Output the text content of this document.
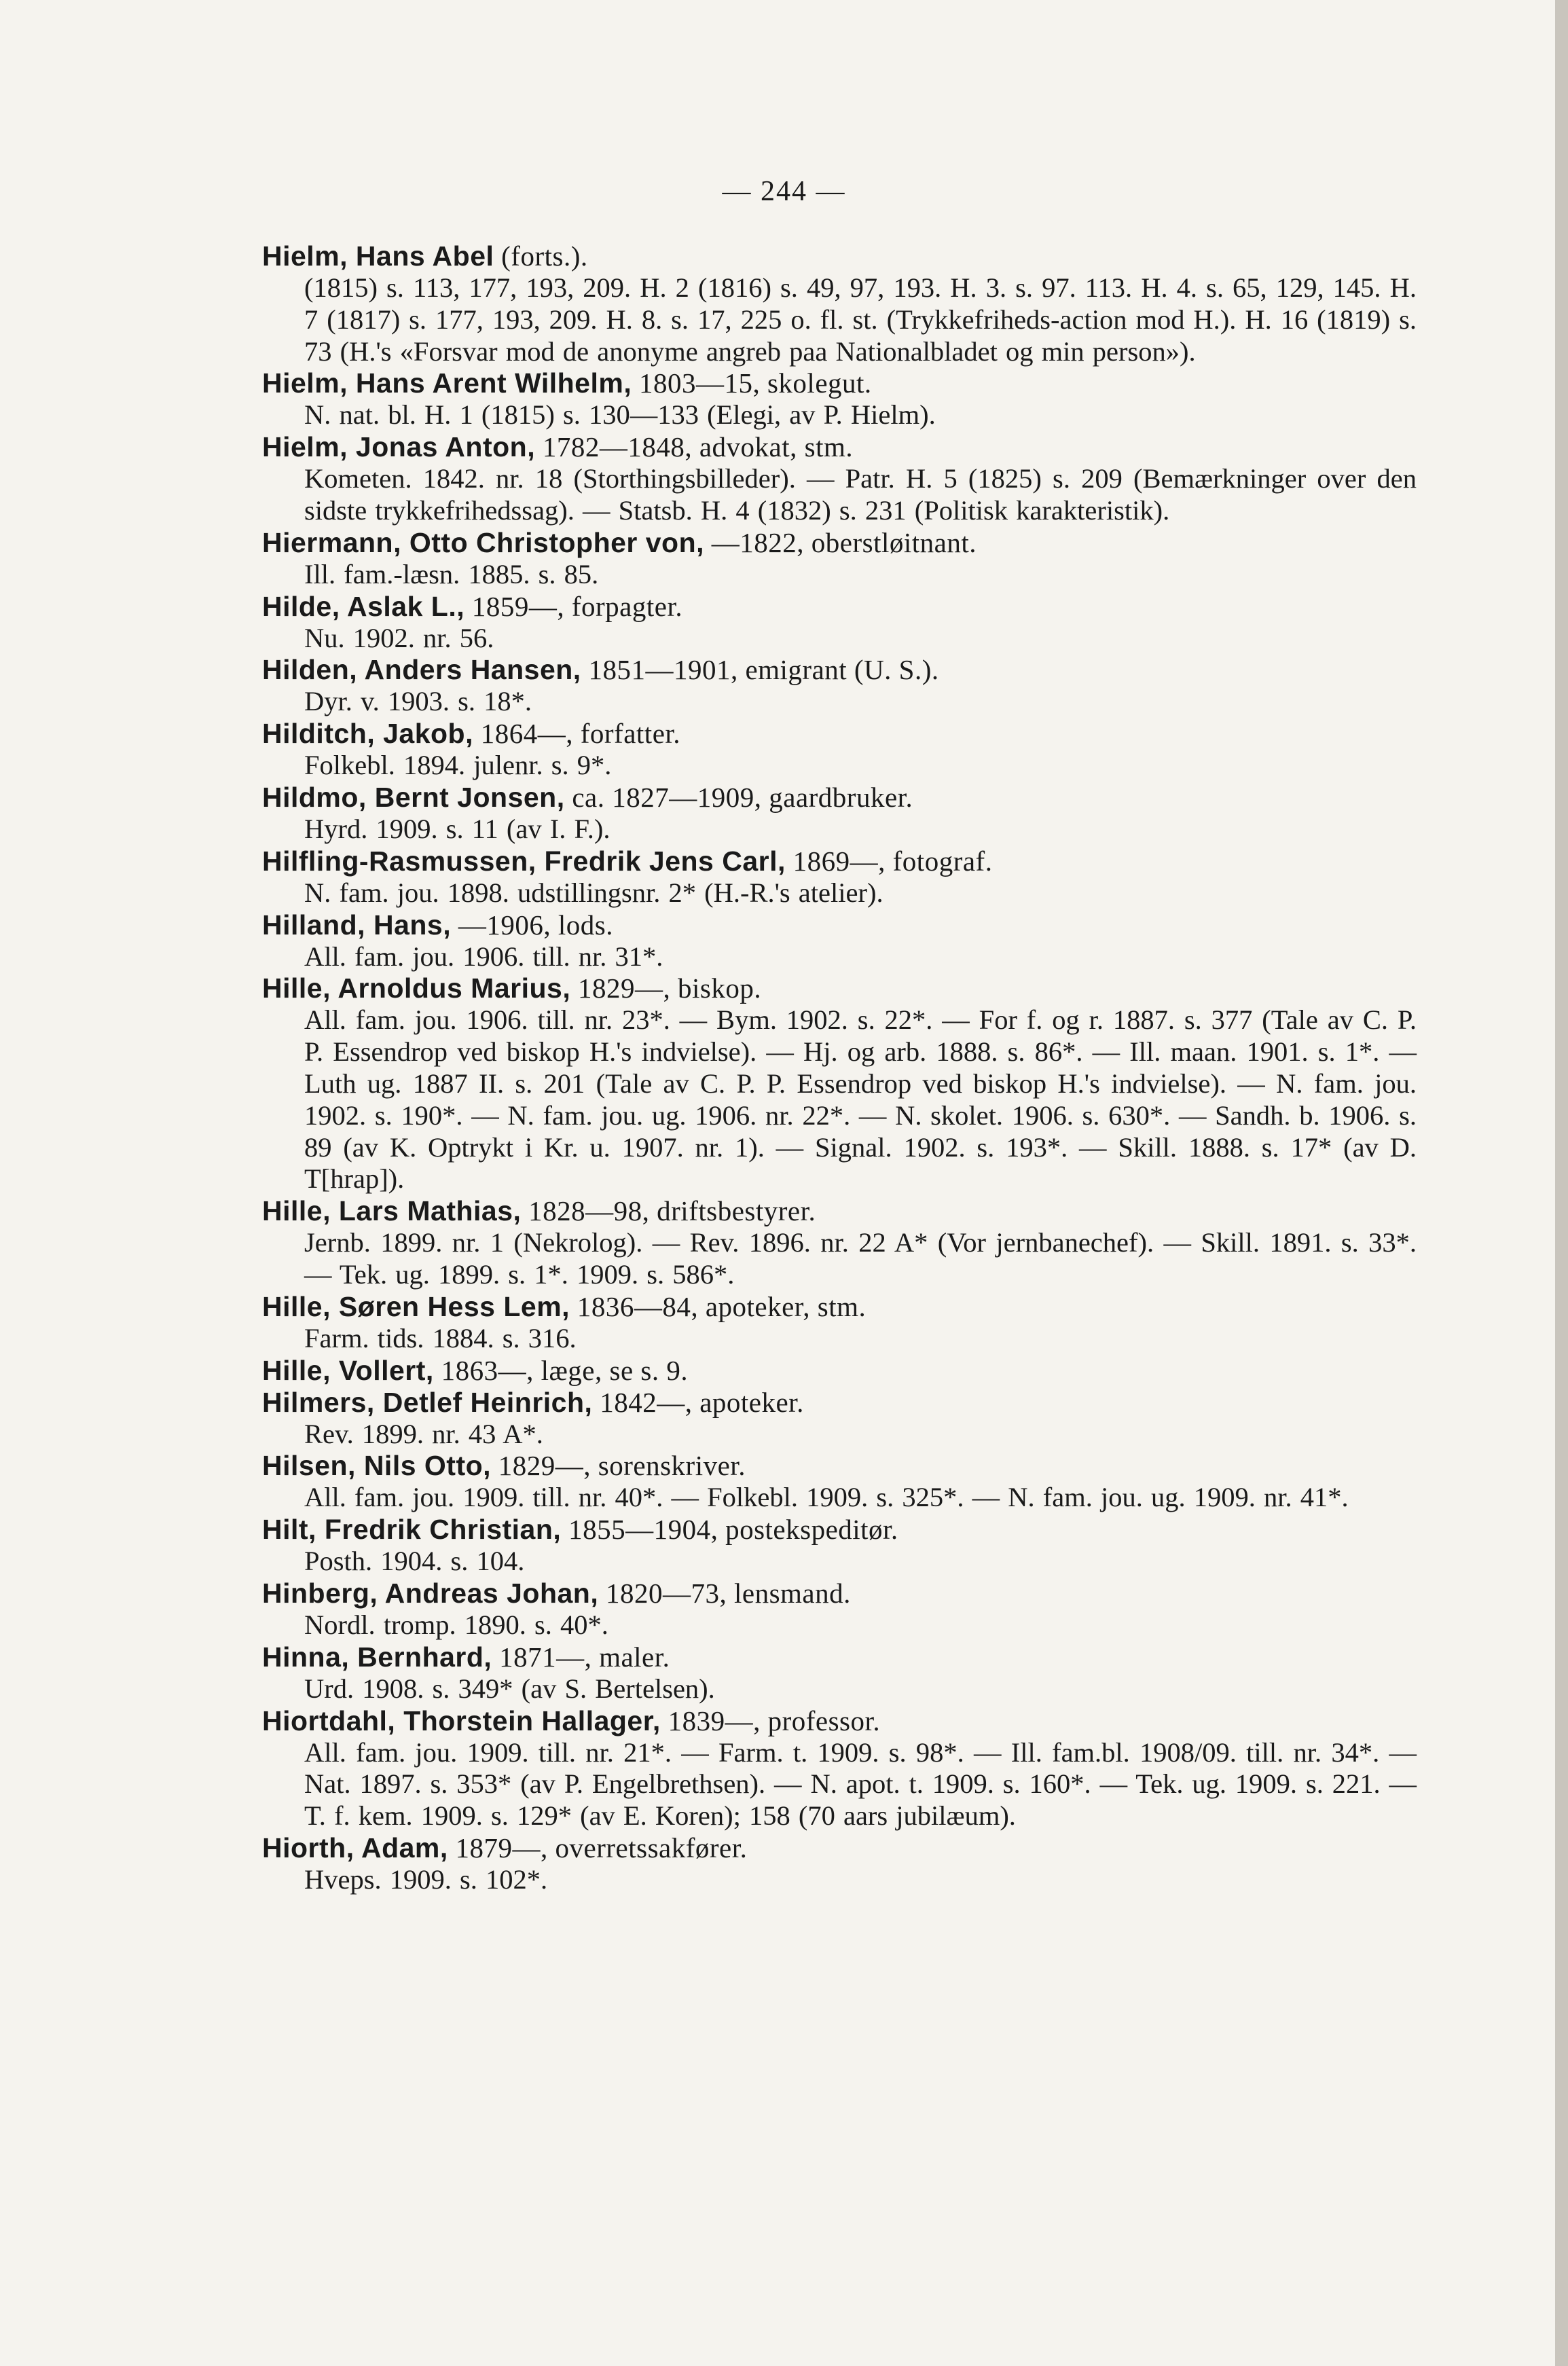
— 244 —
Hielm, Hans Abel (forts.).
(1815) s. 113, 177, 193, 209. H. 2 (1816) s. 49, 97, 193. H. 3. s. 97. 113. H. 4. s. 65, 129, 145. H. 7 (1817) s. 177, 193, 209. H. 8. s. 17, 225 o. fl. st. (Trykkefriheds-action mod H.). H. 16 (1819) s. 73 (H.'s «Forsvar mod de anonyme angreb paa Nationalbladet og min person»).
Hielm, Hans Arent Wilhelm, 1803—15, skolegut.
N. nat. bl. H. 1 (1815) s. 130—133 (Elegi, av P. Hielm).
Hielm, Jonas Anton, 1782—1848, advokat, stm.
Kometen. 1842. nr. 18 (Storthingsbilleder). — Patr. H. 5 (1825) s. 209 (Bemærkninger over den sidste trykkefrihedssag). — Statsb. H. 4 (1832) s. 231 (Politisk karakteristik).
Hiermann, Otto Christopher von, —1822, oberstløitnant.
Ill. fam.-læsn. 1885. s. 85.
Hilde, Aslak L., 1859—, forpagter.
Nu. 1902. nr. 56.
Hilden, Anders Hansen, 1851—1901, emigrant (U. S.).
Dyr. v. 1903. s. 18*.
Hilditch, Jakob, 1864—, forfatter.
Folkebl. 1894. julenr. s. 9*.
Hildmo, Bernt Jonsen, ca. 1827—1909, gaardbruker.
Hyrd. 1909. s. 11 (av I. F.).
Hilfling-Rasmussen, Fredrik Jens Carl, 1869—, fotograf.
N. fam. jou. 1898. udstillingsnr. 2* (H.-R.'s atelier).
Hilland, Hans, —1906, lods.
All. fam. jou. 1906. till. nr. 31*.
Hille, Arnoldus Marius, 1829—, biskop.
All. fam. jou. 1906. till. nr. 23*. — Bym. 1902. s. 22*. — For f. og r. 1887. s. 377 (Tale av C. P. P. Essendrop ved biskop H.'s indvielse). — Hj. og arb. 1888. s. 86*. — Ill. maan. 1901. s. 1*. — Luth ug. 1887 II. s. 201 (Tale av C. P. P. Essendrop ved biskop H.'s indvielse). — N. fam. jou. 1902. s. 190*. — N. fam. jou. ug. 1906. nr. 22*. — N. skolet. 1906. s. 630*. — Sandh. b. 1906. s. 89 (av K. Optrykt i Kr. u. 1907. nr. 1). — Signal. 1902. s. 193*. — Skill. 1888. s. 17* (av D. T[hrap]).
Hille, Lars Mathias, 1828—98, driftsbestyrer.
Jernb. 1899. nr. 1 (Nekrolog). — Rev. 1896. nr. 22 A* (Vor jernbanechef). — Skill. 1891. s. 33*. — Tek. ug. 1899. s. 1*. 1909. s. 586*.
Hille, Søren Hess Lem, 1836—84, apoteker, stm.
Farm. tids. 1884. s. 316.
Hille, Vollert, 1863—, læge, se s. 9.
Hilmers, Detlef Heinrich, 1842—, apoteker.
Rev. 1899. nr. 43 A*.
Hilsen, Nils Otto, 1829—, sorenskriver.
All. fam. jou. 1909. till. nr. 40*. — Folkebl. 1909. s. 325*. — N. fam. jou. ug. 1909. nr. 41*.
Hilt, Fredrik Christian, 1855—1904, postekspeditør.
Posth. 1904. s. 104.
Hinberg, Andreas Johan, 1820—73, lensmand.
Nordl. tromp. 1890. s. 40*.
Hinna, Bernhard, 1871—, maler.
Urd. 1908. s. 349* (av S. Bertelsen).
Hiortdahl, Thorstein Hallager, 1839—, professor.
All. fam. jou. 1909. till. nr. 21*. — Farm. t. 1909. s. 98*. — Ill. fam.bl. 1908/09. till. nr. 34*. — Nat. 1897. s. 353* (av P. Engelbrethsen). — N. apot. t. 1909. s. 160*. — Tek. ug. 1909. s. 221. — T. f. kem. 1909. s. 129* (av E. Koren); 158 (70 aars jubilæum).
Hiorth, Adam, 1879—, overretssakfører.
Hveps. 1909. s. 102*.
